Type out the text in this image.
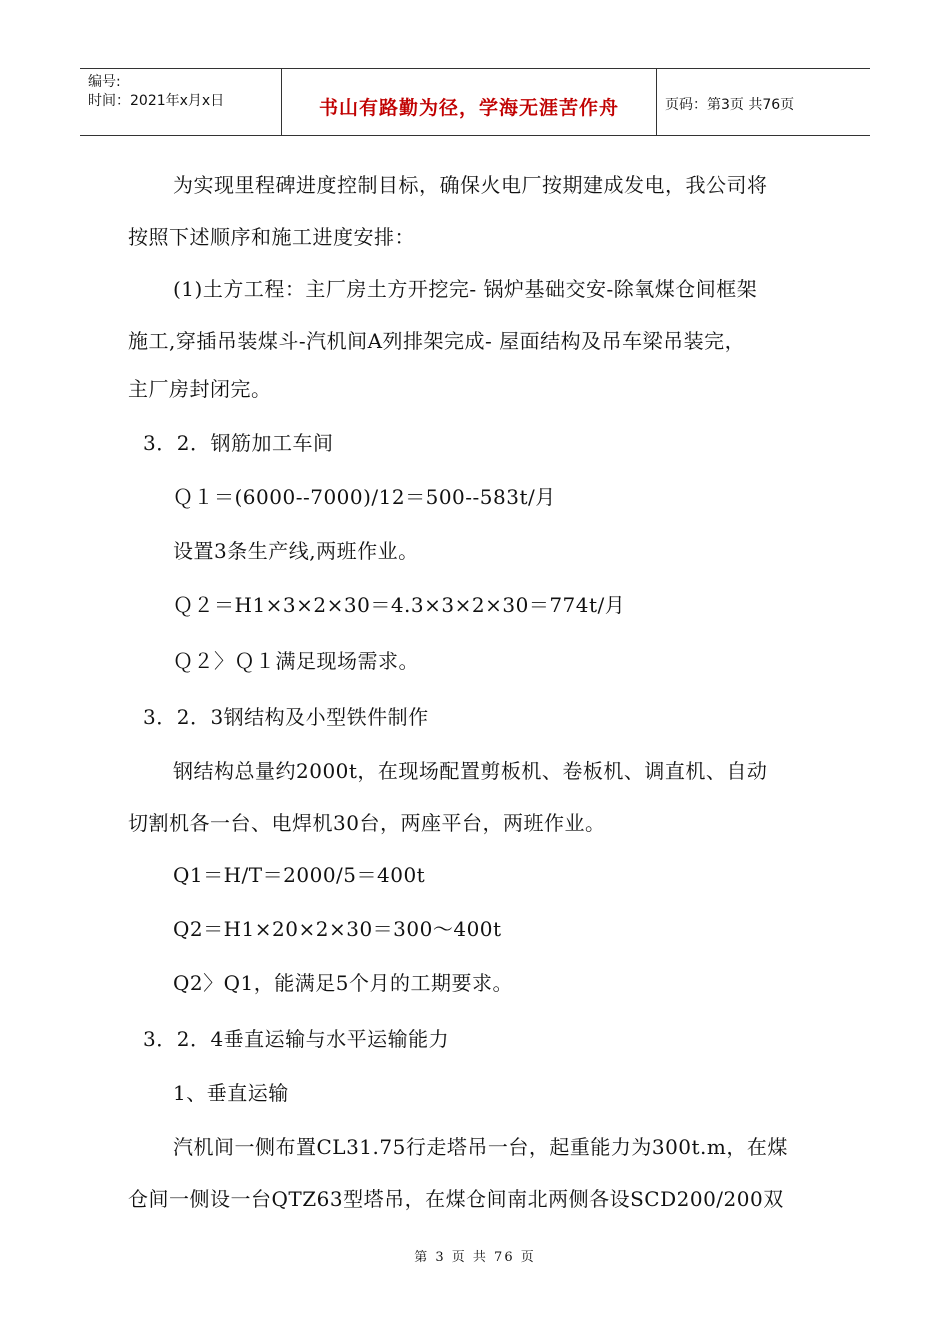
编号:
时间：2021年x月x日	书山有路勤为径，学海无涯苦作舟	页码：第3页 共76页
为实现里程碑进度控制目标，确保火电厂按期建成发电，我公司将
按照下述顺序和施工进度安排：
(1)土方工程：主厂房土方开挖完- 锅炉基础交安-除氧煤仓间框架
施工,穿插吊装煤斗-汽机间A列排架完成- 屋面结构及吊车梁吊装完，
主厂房封闭完。
3．2．钢筋加工车间
Ｑ１＝(6000--7000)/12＝500--583t/月
设置3条生产线,两班作业。
Ｑ２＝H1×3×2×30＝4.3×3×2×30＝774t/月
Ｑ２〉Ｑ１满足现场需求。
3．2．3钢结构及小型铁件制作
钢结构总量约2000t，在现场配置剪板机、卷板机、调直机、自动
切割机各一台、电焊机30台，两座平台，两班作业。
Q1＝H/T＝2000/5＝400t
Q2＝H1×20×2×30＝300～400t
Q2〉Q1，能满足5个月的工期要求。
3．2．4垂直运输与水平运输能力
1、垂直运输
汽机间一侧布置CL31.75行走塔吊一台，起重能力为300t.m，在煤
仓间一侧设一台QTZ63型塔吊，在煤仓间南北两侧各设SCD200/200双
第 3 页 共 76 页
